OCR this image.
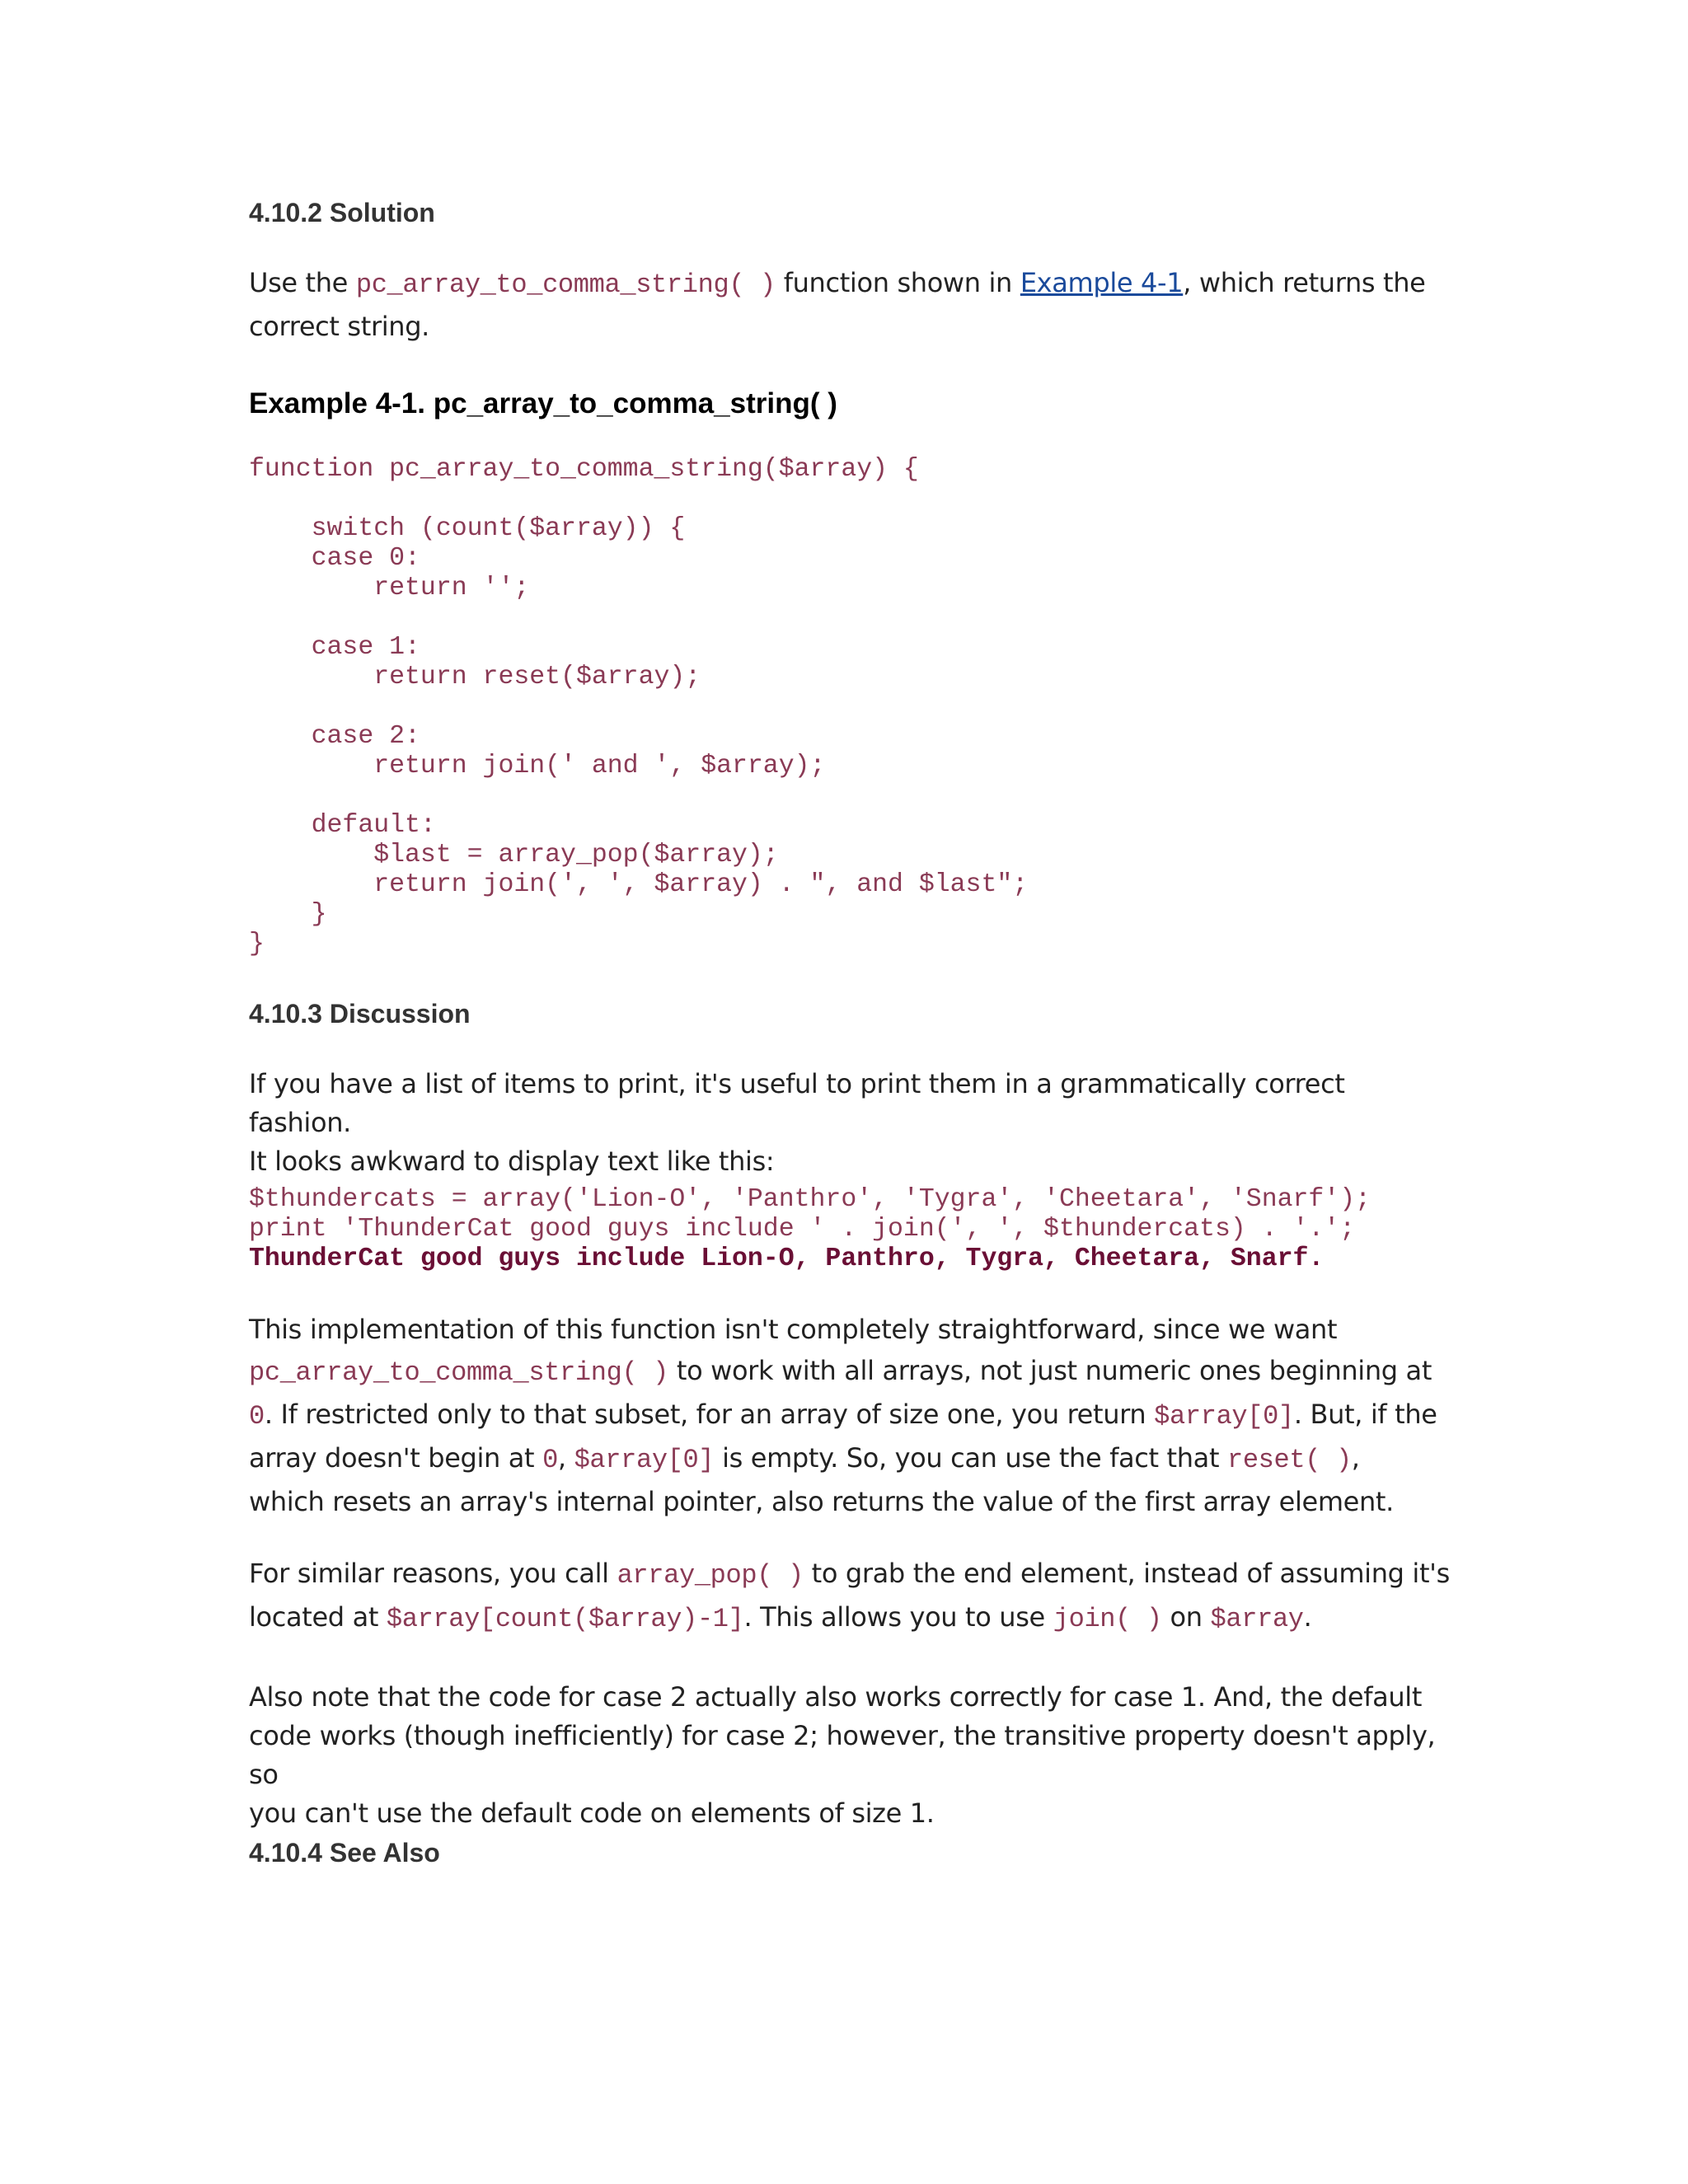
4.10.2 Solution
Use the pc_array_to_comma_string( ) function shown in Example 4-1, which returns the
correct string.
Example 4-1. pc_array_to_comma_string( )
function pc_array_to_comma_string($array) {
switch (count($array)) {
case 0:
return '';
case 1:
return reset($array);
case 2:
return join(' and ', $array);
default:
$last = array_pop($array);
return join(', ', $array) . ", and $last";
}
}
4.10.3 Discussion
If you have a list of items to print, it's useful to print them in a grammatically correct fashion.
It looks awkward to display text like this:
$thundercats = array('Lion-O', 'Panthro', 'Tygra', 'Cheetara', 'Snarf');
print 'ThunderCat good guys include ' . join(', ', $thundercats) . '.';
ThunderCat good guys include Lion-O, Panthro, Tygra, Cheetara, Snarf.
This implementation of this function isn't completely straightforward, since we want
pc_array_to_comma_string( ) to work with all arrays, not just numeric ones beginning at
0. If restricted only to that subset, for an array of size one, you return $array[0]. But, if the
array doesn't begin at 0, $array[0] is empty. So, you can use the fact that reset( ),
which resets an array's internal pointer, also returns the value of the first array element.
For similar reasons, you call array_pop( ) to grab the end element, instead of assuming it's
located at $array[count($array)-1]. This allows you to use join( ) on $array.
Also note that the code for case 2 actually also works correctly for case 1. And, the default
code works (though inefficiently) for case 2; however, the transitive property doesn't apply, so
you can't use the default code on elements of size 1.
4.10.4 See Also
